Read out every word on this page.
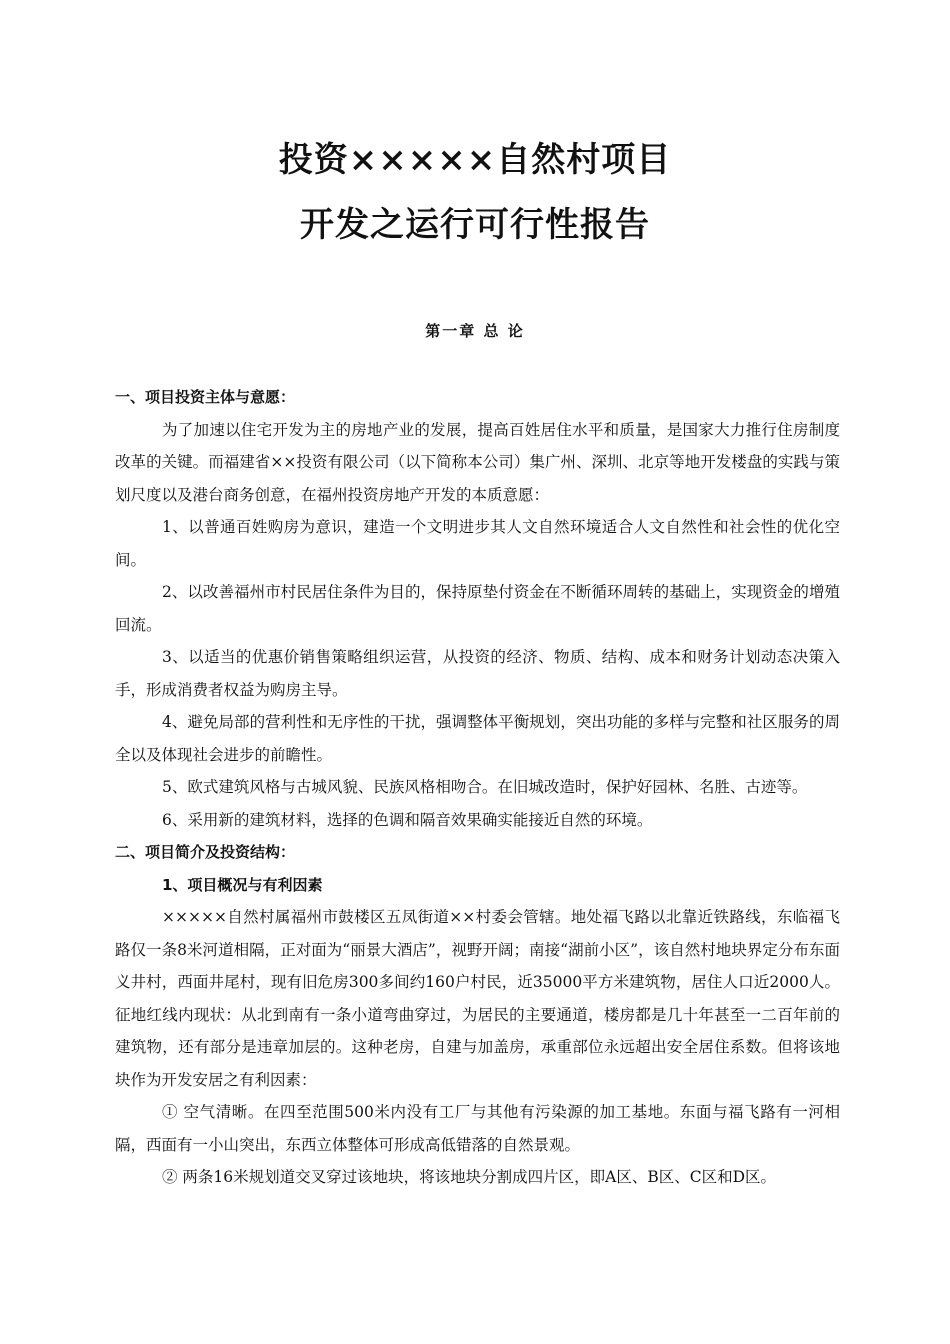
投资×××××自然村项目
开发之运行可行性报告
第一章 总 论

一、项目投资主体与意愿：

为了加速以住宅开发为主的房地产业的发展，提高百姓居住水平和质量，是国家大力推行住房制度改革的关键。而福建省××投资有限公司（以下简称本公司）集广州、深圳、北京等地开发楼盘的实践与策划尺度以及港台商务创意，在福州投资房地产开发的本质意愿：

1、以普通百姓购房为意识，建造一个文明进步其人文自然环境适合人文自然性和社会性的优化空间。

2、以改善福州市村民居住条件为目的，保持原垫付资金在不断循环周转的基础上，实现资金的增殖回流。

3、以适当的优惠价销售策略组织运营，从投资的经济、物质、结构、成本和财务计划动态决策入手，形成消费者权益为购房主导。

4、避免局部的营利性和无序性的干扰，强调整体平衡规划，突出功能的多样与完整和社区服务的周全以及体现社会进步的前瞻性。

5、欧式建筑风格与古城风貌、民族风格相吻合。在旧城改造时，保护好园林、名胜、古迹等。

6、采用新的建筑材料，选择的色调和隔音效果确实能接近自然的环境。

二、项目简介及投资结构：

1、项目概况与有利因素

×××××自然村属福州市鼓楼区五凤街道××村委会管辖。地处福飞路以北靠近铁路线，东临福飞路仅一条8米河道相隔，正对面为“丽景大酒店”，视野开阔；南接“湖前小区”，该自然村地块界定分布东面义井村，西面井尾村，现有旧危房300多间约160户村民，近35000平方米建筑物，居住人口近2000人。征地红线内现状：从北到南有一条小道弯曲穿过，为居民的主要通道，楼房都是几十年甚至一二百年前的建筑物，还有部分是违章加层的。这种老房，自建与加盖房，承重部位永远超出安全居住系数。但将该地块作为开发安居之有利因素：

① 空气清晰。在四至范围500米内没有工厂与其他有污染源的加工基地。东面与福飞路有一河相隔，西面有一小山突出，东西立体整体可形成高低错落的自然景观。

② 两条16米规划道交叉穿过该地块，将该地块分割成四片区，即A区、B区、C区和D区。
